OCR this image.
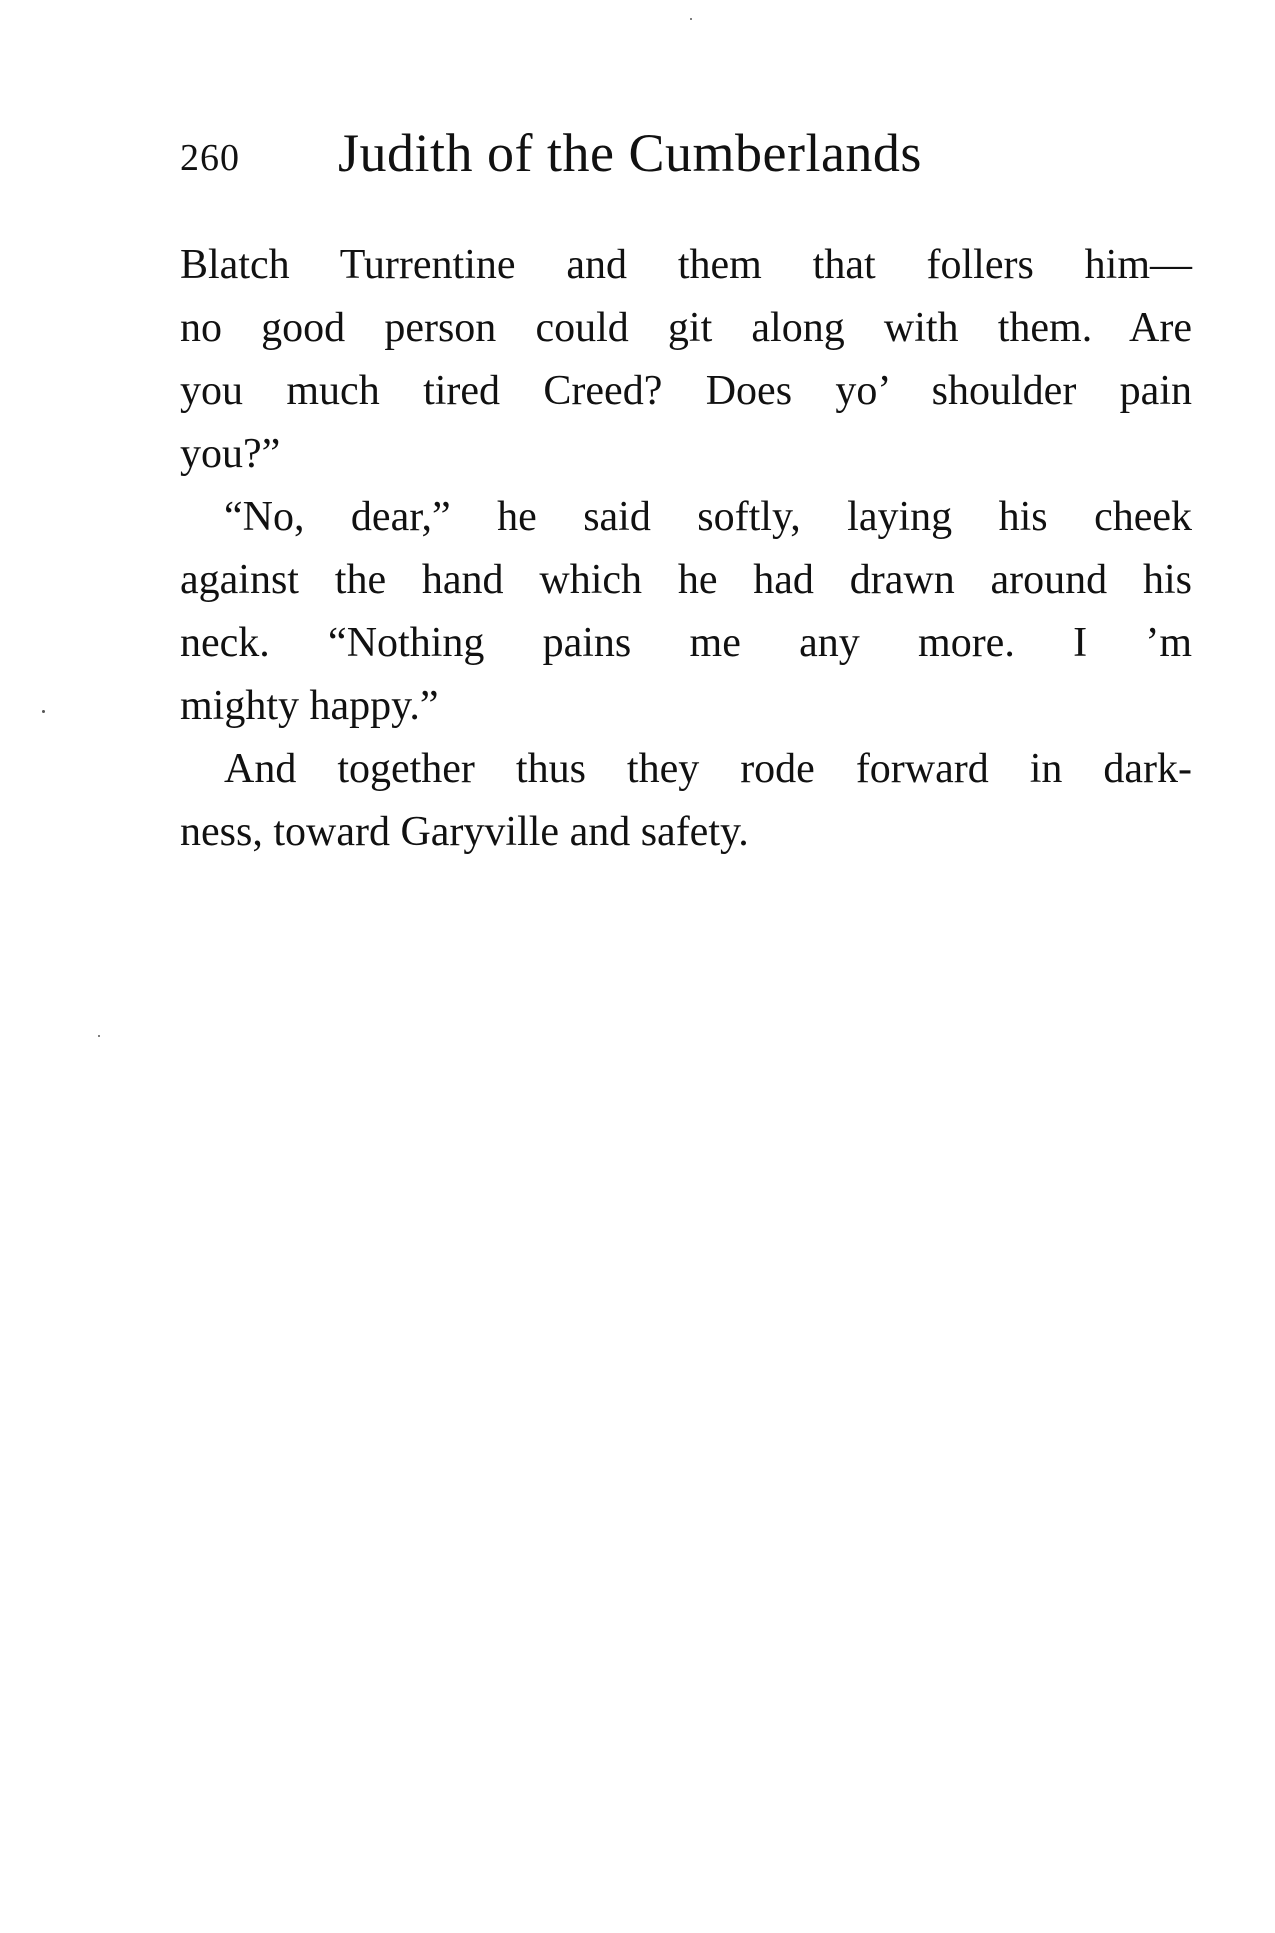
260 Judith of the Cumberlands
Blatch Turrentine and them that follers him—
no good person could git along with them. Are
you much tired Creed? Does yo’ shoulder pain
you?”
“No, dear,” he said softly, laying his cheek
against the hand which he had drawn around his
neck. “Nothing pains me any more. I ’m
mighty happy.”
And together thus they rode forward in dark-
ness, toward Garyville and safety.
